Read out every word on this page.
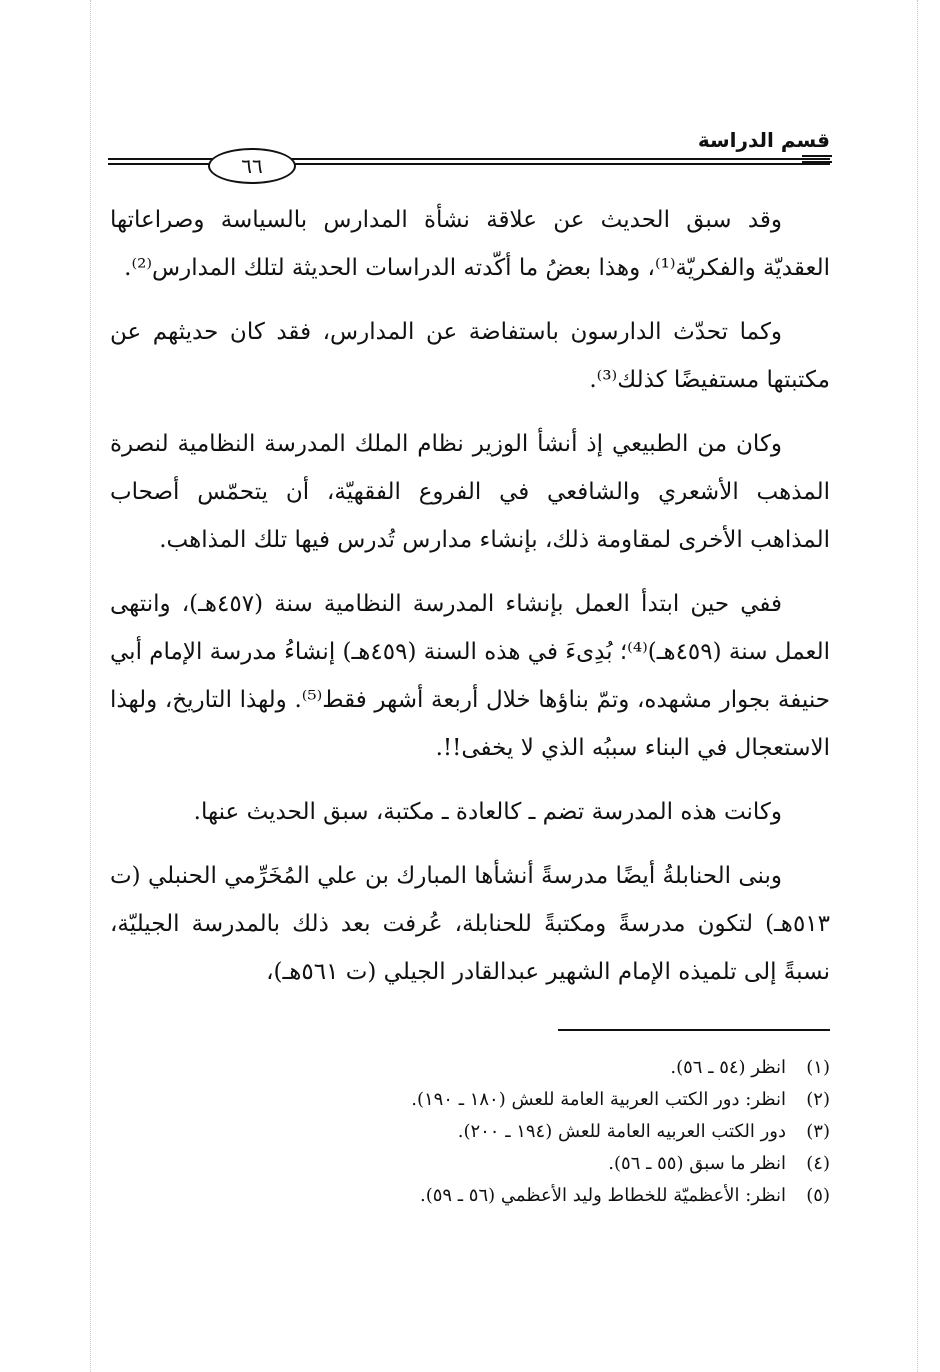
قسم الدراسة
٦٦

وقد سبق الحديث عن علاقة نشأة المدارس بالسياسة وصراعاتها العقديّة والفكريّة⁽¹⁾، وهذا بعضُ ما أكّدته الدراسات الحديثة لتلك المدارس⁽²⁾.

وكما تحدّث الدارسون باستفاضة عن المدارس، فقد كان حديثهم عن مكتبتها مستفيضًا كذلك⁽³⁾.

وكان من الطبيعي إذ أنشأ الوزير نظام الملك المدرسة النظامية لنصرة المذهب الأشعري والشافعي في الفروع الفقهيّة، أن يتحمّس أصحاب المذاهب الأخرى لمقاومة ذلك، بإنشاء مدارس تُدرس فيها تلك المذاهب.

ففي حين ابتدأ العمل بإنشاء المدرسة النظامية سنة (٤٥٧هـ)، وانتهى العمل سنة (٤٥٩هـ)⁽⁴⁾؛ بُدِىءَ في هذه السنة (٤٥٩هـ) إنشاءُ مدرسة الإمام أبي حنيفة بجوار مشهده، وتمّ بناؤها خلال أربعة أشهر فقط⁽⁵⁾. ولهذا التاريخ، ولهذا الاستعجال في البناء سببُه الذي لا يخفى!!.

وكانت هذه المدرسة تضم ـ كالعادة ـ مكتبة، سبق الحديث عنها.

وبنى الحنابلةُ أيضًا مدرسةً أنشأها المبارك بن علي المُخَرِّمي الحنبلي (ت ٥١٣هـ) لتكون مدرسةً ومكتبةً للحنابلة، عُرفت بعد ذلك بالمدرسة الجيليّة، نسبةً إلى تلميذه الإمام الشهير عبدالقادر الجيلي (ت ٥٦١هـ)،

(١)انظر (٥٤ ـ ٥٦).
(٢)انظر: دور الكتب العربية العامة للعش (١٨٠ ـ ١٩٠).
(٣)دور الكتب العربيه العامة للعش (١٩٤ ـ ٢٠٠).
(٤)انظر ما سبق (٥٥ ـ ٥٦).
(٥)انظر: الأعظميّة للخطاط وليد الأعظمي (٥٦ ـ ٥٩).
